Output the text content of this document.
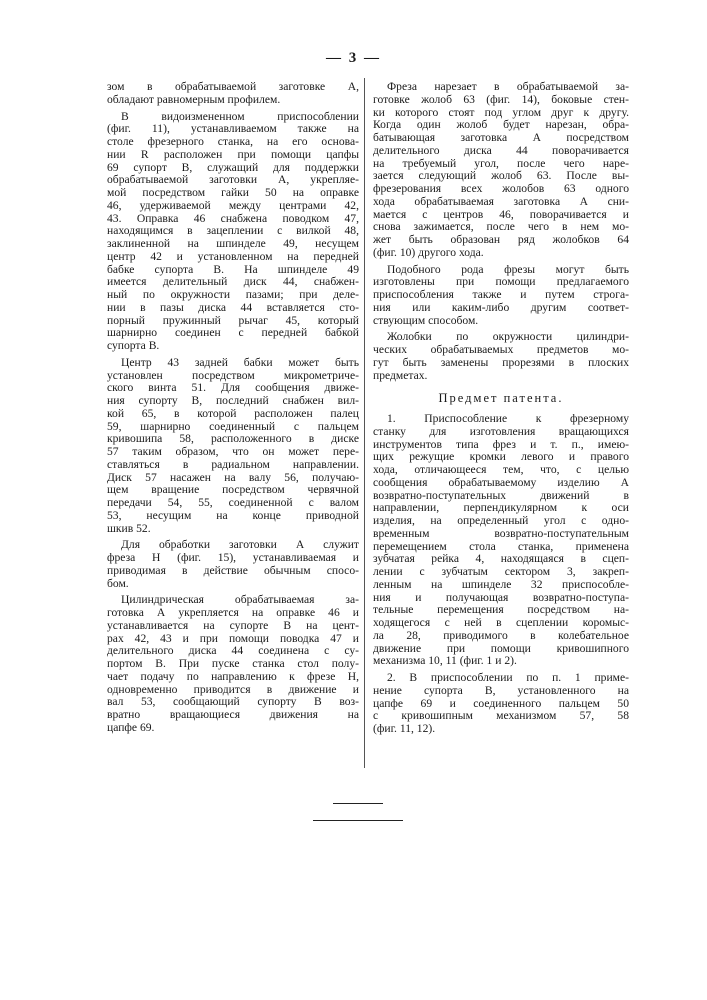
— 3 —
зом в обрабатываемой заготовке А,
обладают равномерным профилем.
В видоизмененном приспособлении
(фиг. 11), устанавливаемом также на
столе фрезерного станка, на его основа-
нии R расположен при помощи цапфы
69 супорт B, служащий для поддержки
обрабатываемой заготовки А, укрепляе-
мой посредством гайки 50 на оправке
46, удерживаемой между центрами 42,
43. Оправка 46 снабжена поводком 47,
находящимся в зацеплении с вилкой 48,
заклиненной на шпинделе 49, несущем
центр 42 и установленном на передней
бабке супорта B. На шпинделе 49
имеется делительный диск 44, снабжен-
ный по окружности пазами; при деле-
нии в пазы диска 44 вставляется сто-
порный пружинный рычаг 45, который
шарнирно соединен с передней бабкой
супорта B.
Центр 43 задней бабки может быть
установлен посредством микрометриче-
ского винта 51. Для сообщения движе-
ния супорту B, последний снабжен вил-
кой 65, в которой расположен палец
59, шарнирно соединенный с пальцем
кривошипа 58, расположенного в диске
57 таким образом, что он может пере-
ставляться в радиальном направлении.
Диск 57 насажен на валу 56, получаю-
щем вращение посредством червячной
передачи 54, 55, соединенной с валом
53, несущим на конце приводной
шкив 52.
Для обработки заготовки А служит
фреза H (фиг. 15), устанавливаемая и
приводимая в действие обычным спосо-
бом.
Цилиндрическая обрабатываемая за-
готовка А укрепляется на оправке 46 и
устанавливается на супорте B на цент-
рах 42, 43 и при помощи поводка 47 и
делительного диска 44 соединена с су-
портом B. При пуске станка стол полу-
чает подачу по направлению к фрезе H,
одновременно приводится в движение и
вал 53, сообщающий супорту B воз-
вратно вращающиеся движения на
цапфе 69.
Фреза нарезает в обрабатываемой за-
готовке жолоб 63 (фиг. 14), боковые стен-
ки которого стоят под углом друг к другу.
Когда один жолоб будет нарезан, обра-
батывающая заготовка А посредством
делительного диска 44 поворачивается
на требуемый угол, после чего наре-
зается следующий жолоб 63. После вы-
фрезерования всех жолобов 63 одного
хода обрабатываемая заготовка А сни-
мается с центров 46, поворачивается и
снова зажимается, после чего в нем мо-
жет быть образован ряд жолобков 64
(фиг. 10) другого хода.
Подобного рода фрезы могут быть
изготовлены при помощи предлагаемого
приспособления также и путем строга-
ния или каким-либо другим соответ-
ствующим способом.
Жолобки по окружности цилиндри-
ческих обрабатываемых предметов мо-
гут быть заменены прорезями в плоских
предметах.
Предмет патента.
1. Приспособление к фрезерному
станку для изготовления вращающихся
инструментов типа фрез и т. п., имею-
щих режущие кромки левого и правого
хода, отличающееся тем, что, с целью
сообщения обрабатываемому изделию А
возвратно-поступательных движений в
направлении, перпендикулярном к оси
изделия, на определенный угол с одно-
временным возвратно-поступательным
перемещением стола станка, применена
зубчатая рейка 4, находящаяся в сцеп-
лении с зубчатым сектором 3, закреп-
ленным на шпинделе 32 приспособле-
ния и получающая возвратно-поступа-
тельные перемещения посредством на-
ходящегося с ней в сцеплении коромыс-
ла 28, приводимого в колебательное
движение при помощи кривошипного
механизма 10, 11 (фиг. 1 и 2).
2. В приспособлении по п. 1 приме-
нение супорта B, установленного на
цапфе 69 и соединенного пальцем 50
с кривошипным механизмом 57, 58
(фиг. 11, 12).
